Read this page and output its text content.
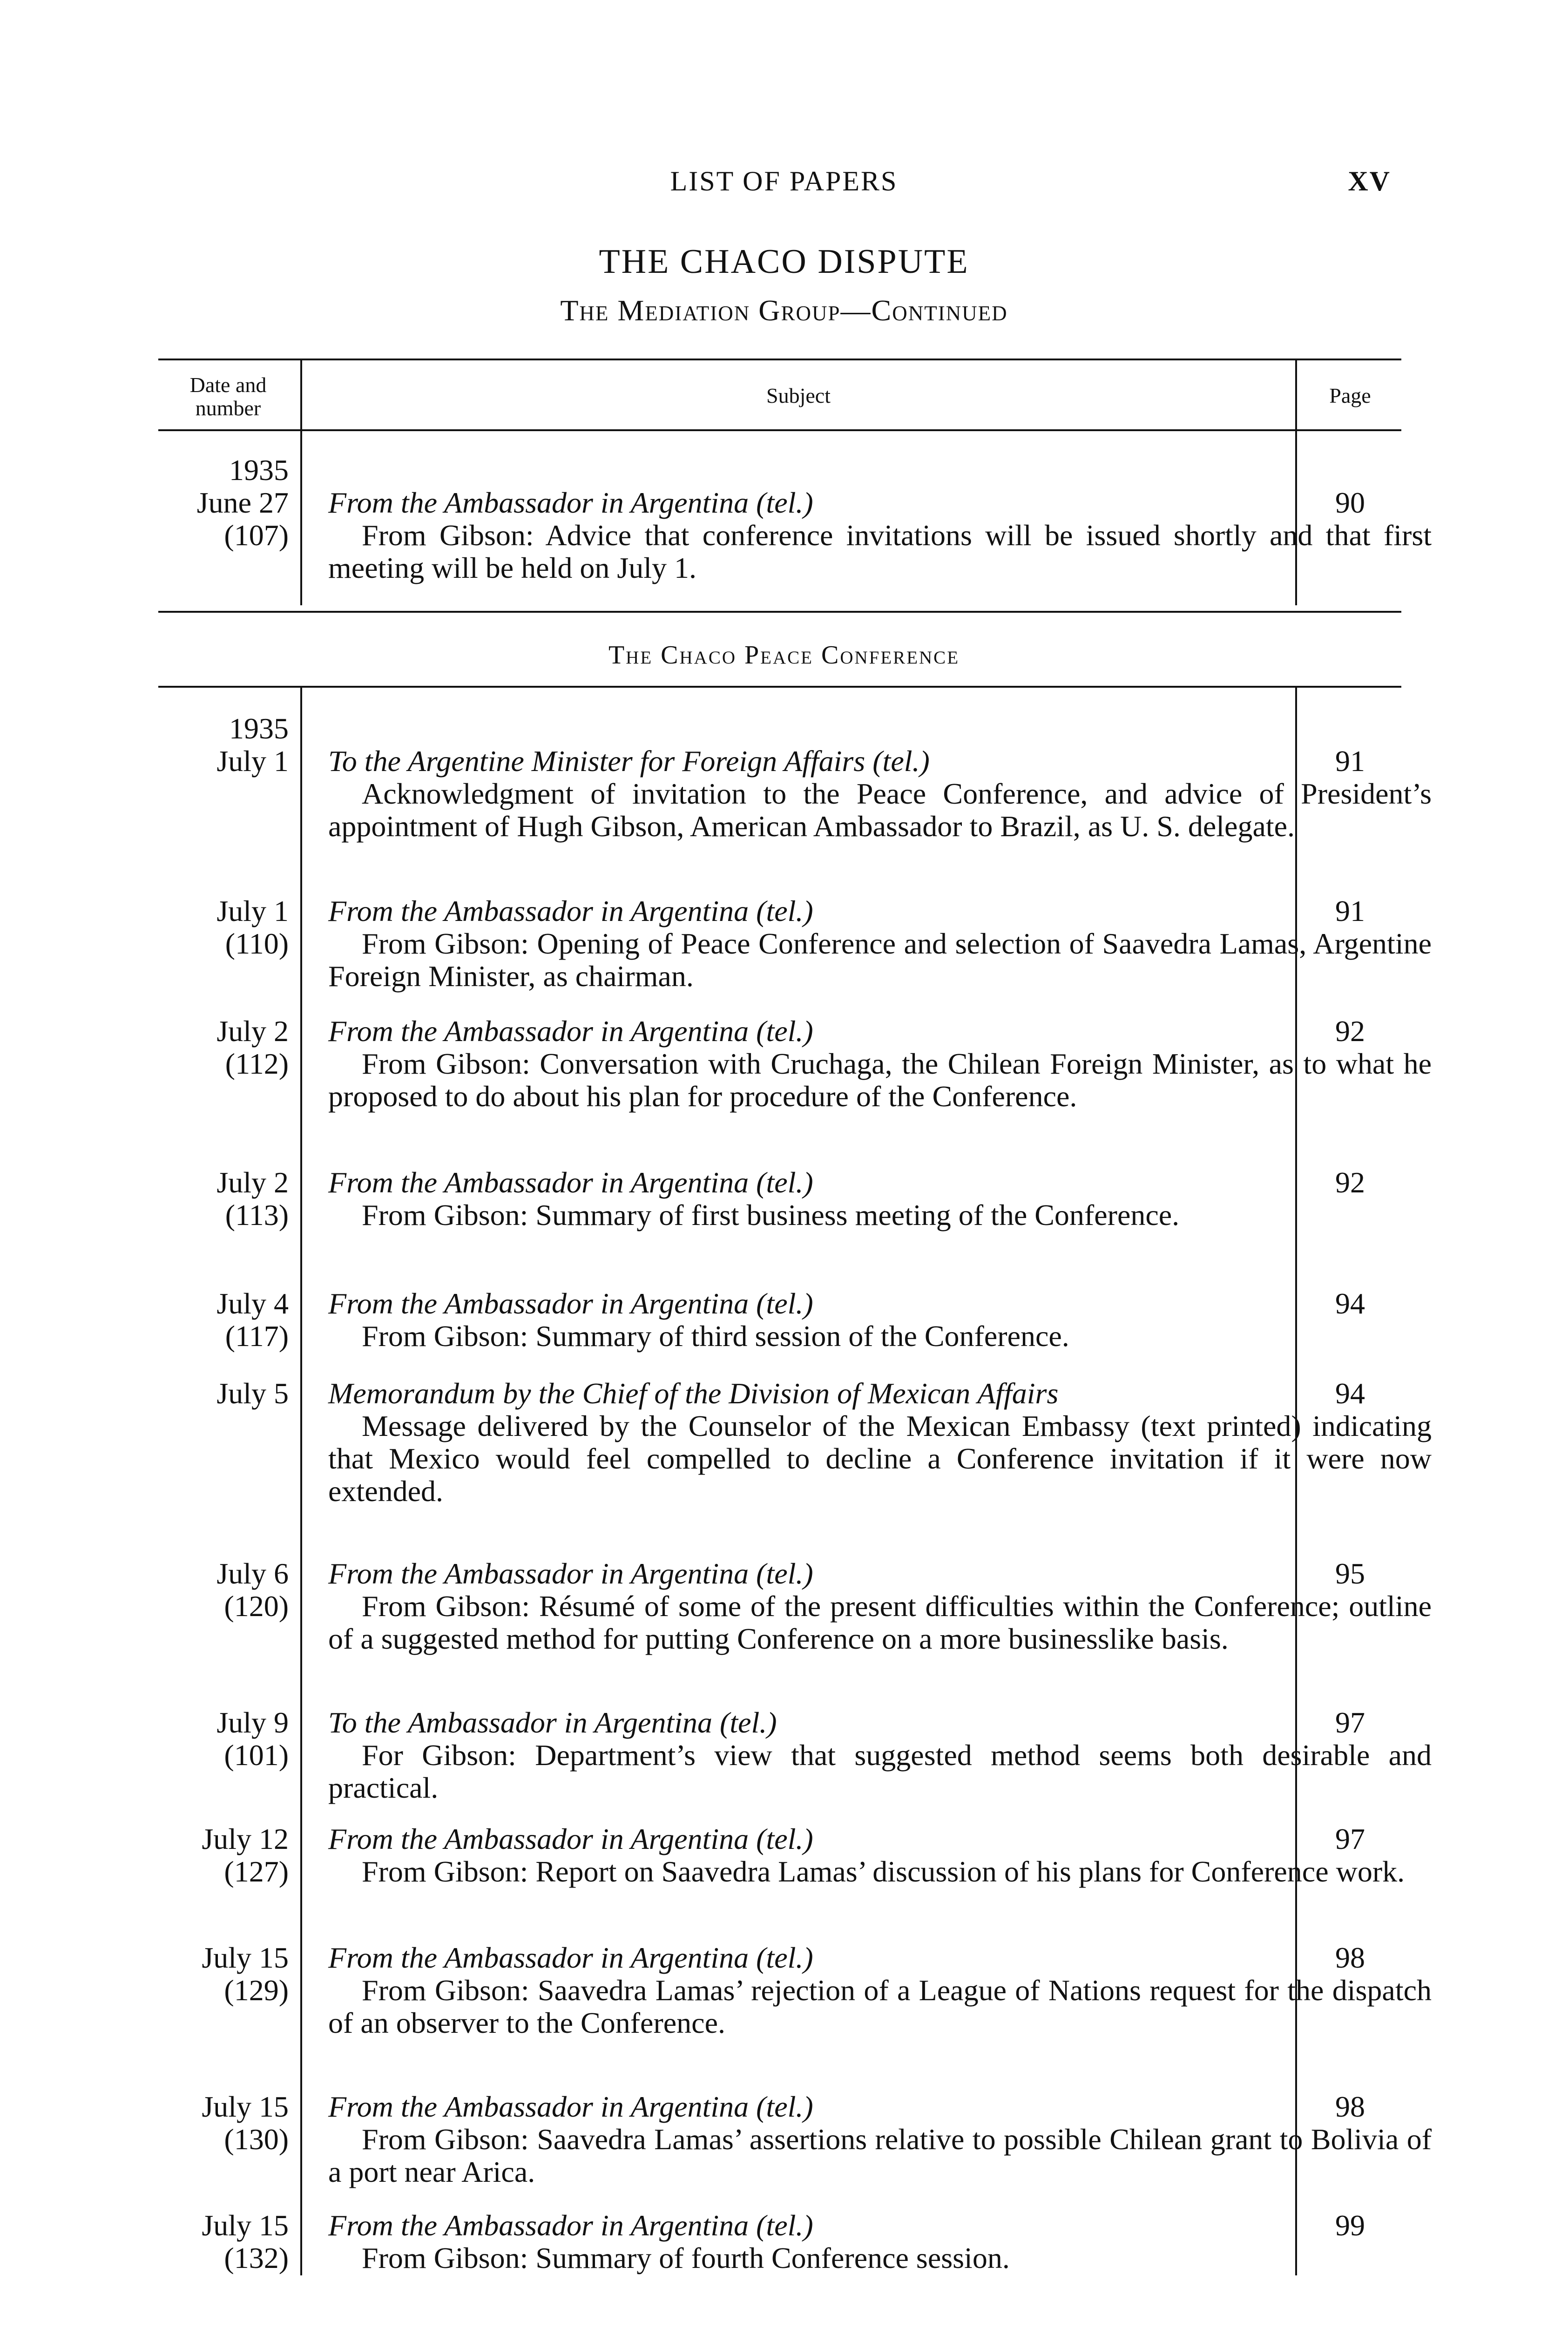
LIST OF PAPERS	XV
THE CHACO DISPUTE
The Mediation Group—Continued
Date and number
Subject	Page
The Chaco Peace Conference
1935
June 27
(107)
From the Ambassador in Argentina (tel.)
From Gibson: Advice that conference invitations will be issued shortly and that first meeting will be held on July 1.
90
1935
July 1 To the Argentine Minister for Foreign Affairs (tel.)
Acknowledgment of invitation to the Peace Conference, and advice of President’s appointment of Hugh Gibson, American Ambassador to Brazil, as U. S. delegate.
91
July 1
(110)
From the Ambassador in Argentina (tel.)
From Gibson: Opening of Peace Conference and selection of Saavedra Lamas, Argentine Foreign Minister, as chairman.
91
July 2
(112)
From the Ambassador in Argentina (tel.)
From Gibson: Conversation with Cruchaga, the Chilean Foreign Minister, as to what he proposed to do about his plan for procedure of the Conference.
92
July 2
(113)
From the Ambassador in Argentina (tel.)
From Gibson: Summary of first business meeting of the Conference.
92
July 4
(117)
From the Ambassador in Argentina (tel.)
From Gibson: Summary of third session of the Conference.
94
July 5 Memorandum by the Chief of the Division of Mexican Affairs
Message delivered by the Counselor of the Mexican Embassy (text printed) indicating that Mexico would feel compelled to decline a Conference invitation if it were now extended.
94
July 6
(120)
From the Ambassador in Argentina (tel.)
From Gibson: Résumé of some of the present difficulties within the Conference; outline of a suggested method for putting Conference on a more businesslike basis.
95
July 9
(101)
To the Ambassador in Argentina (tel.)
For Gibson: Department’s view that suggested method seems both desirable and practical.
97
July 12
(127)
From the Ambassador in Argentina (tel.)
From Gibson: Report on Saavedra Lamas’ discussion of his plans for Conference work.
97
July 15
(129)
From the Ambassador in Argentina (tel.)
From Gibson: Saavedra Lamas’ rejection of a League of Nations request for the dispatch of an observer to the Conference.
98
July 15
(130)
From the Ambassador in Argentina (tel.)
From Gibson: Saavedra Lamas’ assertions relative to possible Chilean grant to Bolivia of a port near Arica.
98
July 15
(132)
From the Ambassador in Argentina (tel.)
From Gibson: Summary of fourth Conference session.
99
